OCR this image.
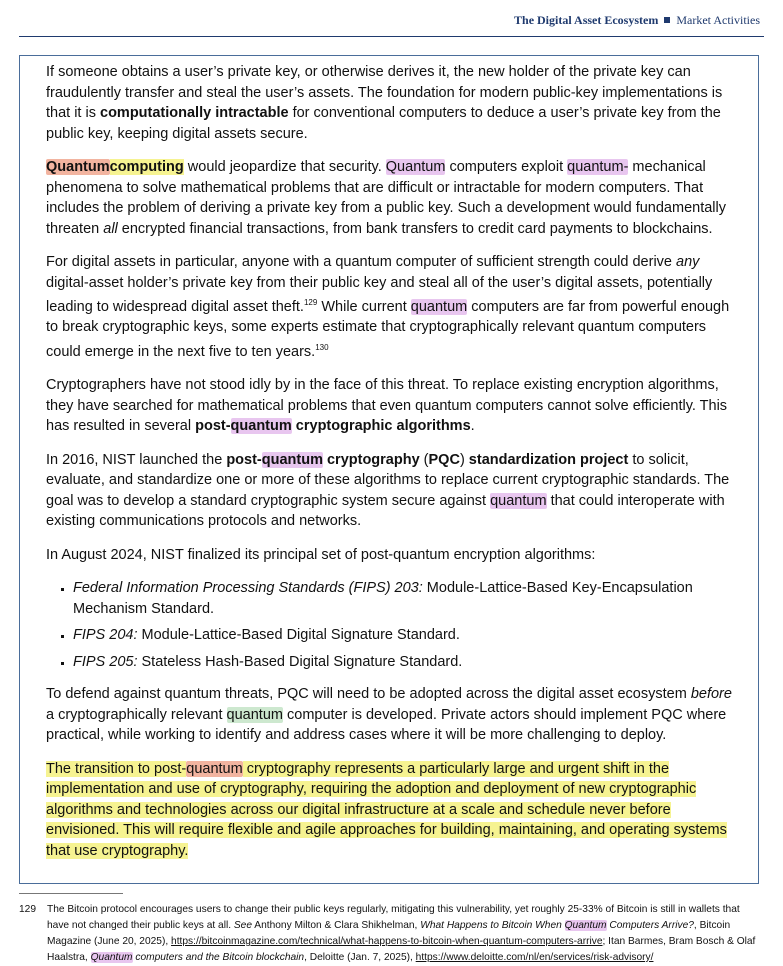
The Digital Asset Ecosystem Market Activities

If someone obtains a user’s private key, or otherwise derives it, the new holder of the private key can fraudulently transfer and steal the user’s assets. The foundation for modern public-key implementations is that it is computationally intractable for conventional computers to deduce a user’s private key from the public key, keeping digital assets secure.

Quantumcomputing would jeopardize that security. Quantum computers exploit quantum- mechanical phenomena to solve mathematical problems that are difficult or intractable for modern computers. That includes the problem of deriving a private key from a public key. Such a development would fundamentally threaten all encrypted financial transactions, from bank transfers to credit card payments to blockchains.

For digital assets in particular, anyone with a quantum computer of sufficient strength could derive any digital-asset holder’s private key from their public key and steal all of the user’s digital assets, potentially leading to widespread digital asset theft.$^{129}$ While current quantum computers are far from powerful enough to break cryptographic keys, some experts estimate that cryptographically relevant quantum computers could emerge in the next five to ten years.$^{130}$

Cryptographers have not stood idly by in the face of this threat. To replace existing encryption algorithms, they have searched for mathematical problems that even quantum computers cannot solve efficiently. This has resulted in several post-quantum cryptographic algorithms.

In 2016, NIST launched the post-quantum cryptography (PQC) standardization project to solicit, evaluate, and standardize one or more of these algorithms to replace current cryptographic standards. The goal was to develop a standard cryptographic system secure against quantum that could interoperate with existing communications protocols and networks.

In August 2024, NIST finalized its principal set of post-quantum encryption algorithms:

▪ Federal Information Processing Standards (FIPS) 203: Module-Lattice-Based Key-Encapsulation Mechanism Standard.
▪ FIPS 204: Module-Lattice-Based Digital Signature Standard.
▪ FIPS 205: Stateless Hash-Based Digital Signature Standard.

To defend against quantum threats, PQC will need to be adopted across the digital asset ecosystem before a cryptographically relevant quantum computer is developed. Private actors should implement PQC where practical, while working to identify and address cases where it will be more challenging to deploy.

The transition to post-quantum cryptography represents a particularly large and urgent shift in the implementation and use of cryptography, requiring the adoption and deployment of new cryptographic algorithms and technologies across our digital infrastructure at a scale and schedule never before envisioned. This will require flexible and agile approaches for building, maintaining, and operating systems that use cryptography.

129 The Bitcoin protocol encourages users to change their public keys regularly, mitigating this vulnerability, yet roughly 25-33% of Bitcoin is still in wallets that have not changed their public keys at all. See Anthony Milton & Clara Shikhelman, What Happens to Bitcoin When Quantum Computers Arrive?, Bitcoin Magazine (June 20, 2025), https://bitcoinmagazine.com/technical/what-happens-to-bitcoin-when-quantum-computers-arrive; Itan Barmes, Bram Bosch & Olaf Haalstra, Quantum computers and the Bitcoin blockchain, Deloitte (Jan. 7, 2025), https://www.deloitte.com/nl/en/services/risk-advisory/
